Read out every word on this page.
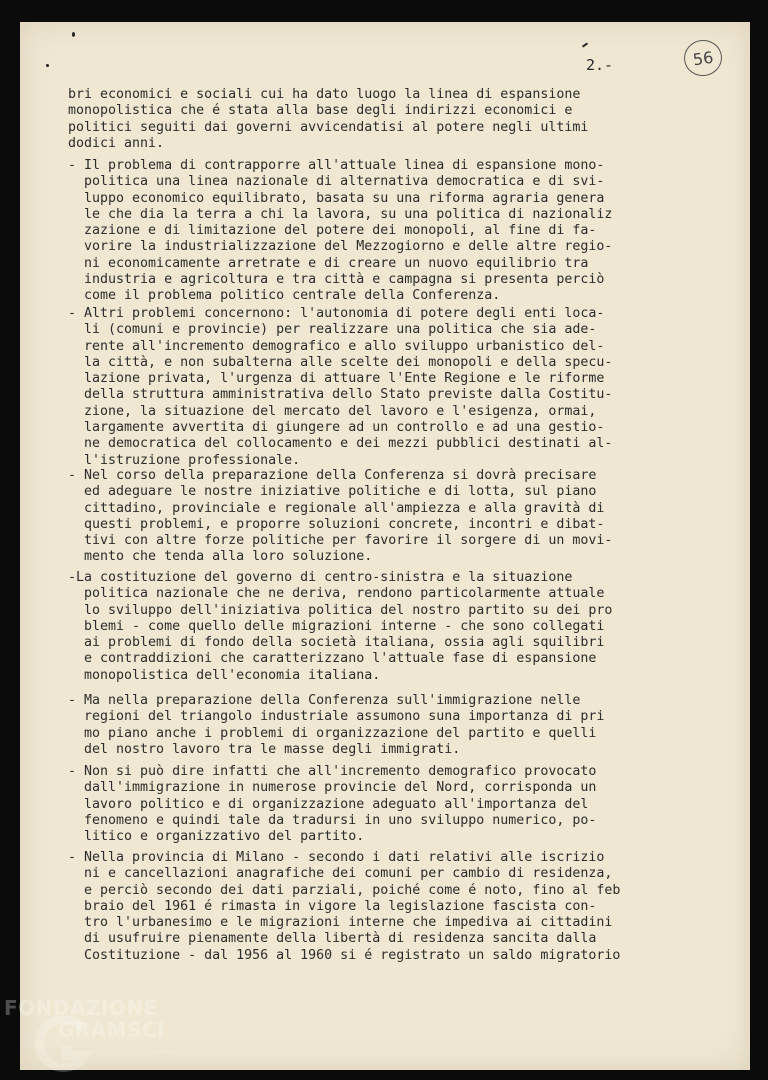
2.-	56
bri economici e sociali cui ha dato luogo la linea di espansione
monopolistica che é stata alla base degli indirizzi economici e
politici seguiti dai governi avvicendatisi al potere negli ultimi
dodici anni.
- Il problema di contrapporre all'attuale linea di espansione mono-
politica una linea nazionale di alternativa democratica e di svi-
luppo economico equilibrato, basata su una riforma agraria genera
le che dia la terra a chi la lavora, su una politica di nazionaliz
zazione e di limitazione del potere dei monopoli, al fine di fa-
vorire la industrializzazione del Mezzogiorno e delle altre regio-
ni economicamente arretrate e di creare un nuovo equilibrio tra
industria e agricoltura e tra città e campagna si presenta perciò
come il problema politico centrale della Conferenza.
- Altri problemi concernono: l'autonomia di potere degli enti loca-
li (comuni e provincie) per realizzare una politica che sia ade-
rente all'incremento demografico e allo sviluppo urbanistico del-
la città, e non subalterna alle scelte dei monopoli e della specu-
lazione privata, l'urgenza di attuare l'Ente Regione e le riforme
della struttura amministrativa dello Stato previste dalla Costitu-
zione, la situazione del mercato del lavoro e l'esigenza, ormai,
largamente avvertita di giungere ad un controllo e ad una gestio-
ne democratica del collocamento e dei mezzi pubblici destinati al-
l'istruzione professionale.
- Nel corso della preparazione della Conferenza si dovrà precisare
ed adeguare le nostre iniziative politiche e di lotta, sul piano
cittadino, provinciale e regionale all'ampiezza e alla gravità di
questi problemi, e proporre soluzioni concrete, incontri e dibat-
tivi con altre forze politiche per favorire il sorgere di un movi-
mento che tenda alla loro soluzione.
-La costituzione del governo di centro-sinistra e la situazione
politica nazionale che ne deriva, rendono particolarmente attuale
lo sviluppo dell'iniziativa politica del nostro partito su dei pro
blemi - come quello delle migrazioni interne - che sono collegati
ai problemi di fondo della società italiana, ossia agli squilibri
e contraddizioni che caratterizzano l'attuale fase di espansione
monopolistica dell'economia italiana.
- Ma nella preparazione della Conferenza sull'immigrazione nelle
regioni del triangolo industriale assumono suna importanza di pri
mo piano anche i problemi di organizzazione del partito e quelli
del nostro lavoro tra le masse degli immigrati.
- Non si può dire infatti che all'incremento demografico provocato
dall'immigrazione in numerose provincie del Nord, corrisponda un
lavoro politico e di organizzazione adeguato all'importanza del
fenomeno e quindi tale da tradursi in uno sviluppo numerico, po-
litico e organizzativo del partito.
- Nella provincia di Milano - secondo i dati relativi alle iscrizio
ni e cancellazioni anagrafiche dei comuni per cambio di residenza,
e perciò secondo dei dati parziali, poiché come é noto, fino al feb
braio del 1961 é rimasta in vigore la legislazione fascista con-
tro l'urbanesimo e le migrazioni interne che impediva ai cittadini
di usufruire pienamente della libertà di residenza sancita dalla
Costituzione - dal 1956 al 1960 si é registrato un saldo migratorio
FONDAZIONE
GRAMSCI
onlus
